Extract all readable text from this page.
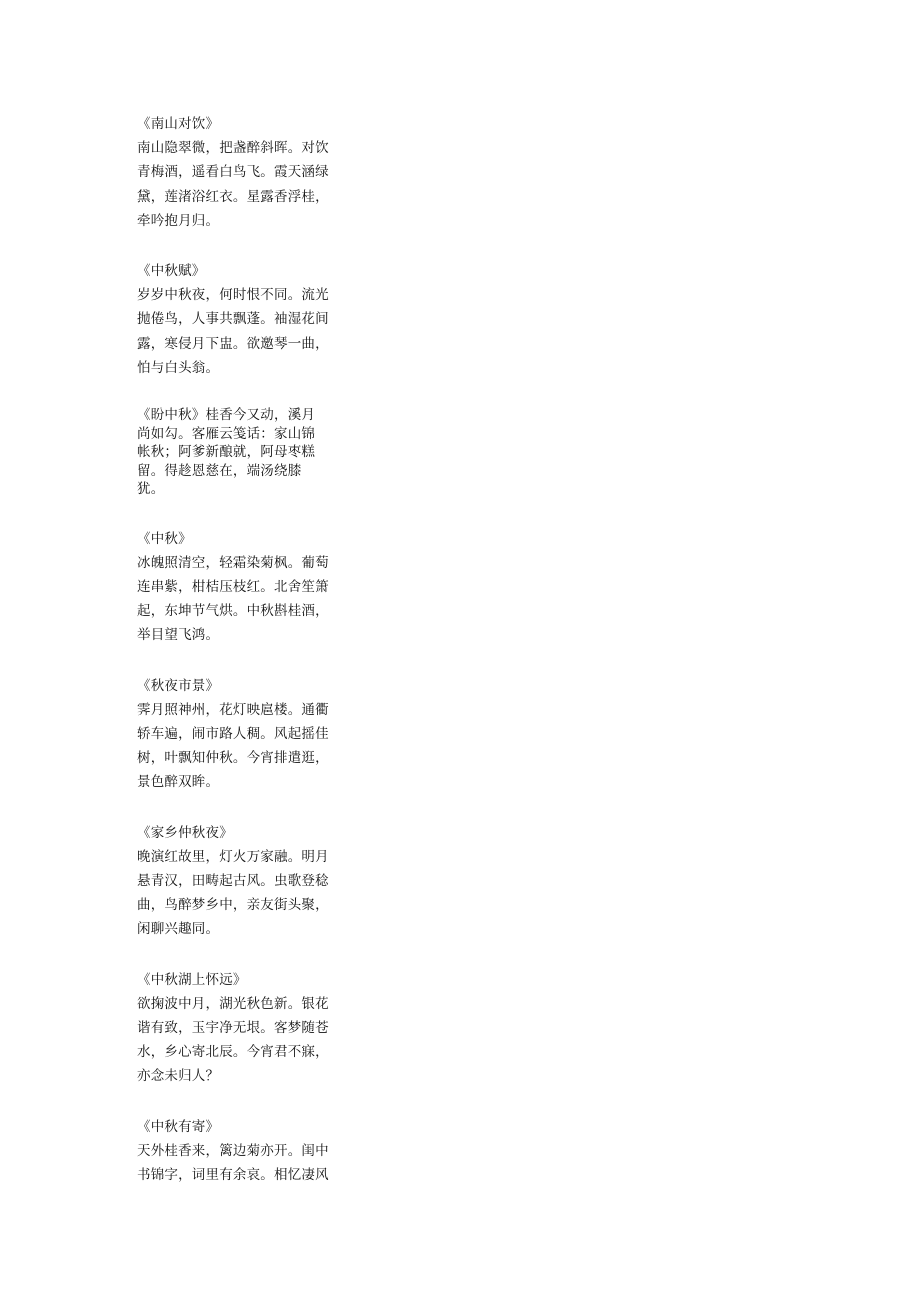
《南山对饮》
南山隐翠微，把盏醉斜晖。对饮
青梅酒，遥看白鸟飞。霞天涵绿
黛，莲渚浴红衣。星露香浮桂，
牵吟抱月归。
《中秋赋》
岁岁中秋夜，何时恨不同。流光
抛倦鸟，人事共飘蓬。袖湿花间
露，寒侵月下盅。欲邀琴一曲，
怕与白头翁。
《盼中秋》桂香今又动，溪月
尚如勾。客雁云笺话：家山锦
帐秋；阿爹新酿就，阿母枣糕
留。得趁恩慈在，端汤绕膝
犹。
《中秋》
冰魄照清空，轻霜染菊枫。葡萄
连串紫，柑桔压枝红。北舍笙箫
起，东坤节气烘。中秋斟桂酒，
举目望飞鸿。
《秋夜市景》
霁月照神州，花灯映扈楼。通衢
轿车遍，闹市路人稠。风起摇佳
树，叶飘知仲秋。今宵排遣逛，
景色醉双眸。
《家乡仲秋夜》
晚演红故里，灯火万家融。明月
悬青汉，田畴起古风。虫歌登稔
曲，鸟醉梦乡中，亲友街头聚，
闲聊兴趣同。
《中秋湖上怀远》
欲掬波中月，湖光秋色新。银花
谐有致，玉宇净无垠。客梦随苍
水，乡心寄北辰。今宵君不寐，
亦念未归人？
《中秋有寄》
天外桂香来，篱边菊亦开。闺中
书锦字，词里有余哀。相忆凄风
